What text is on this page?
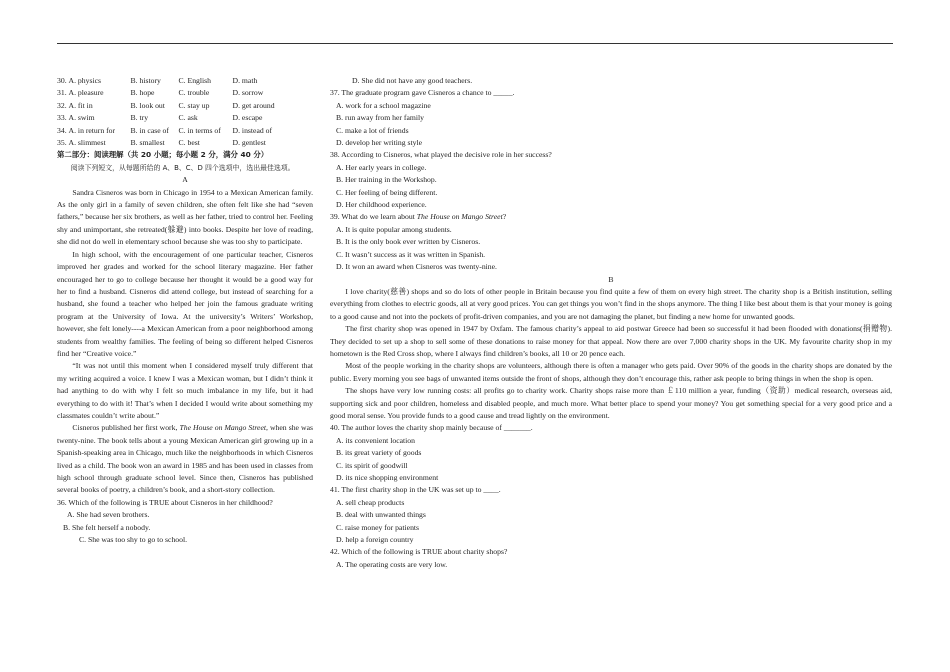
30. A. physics	B. history C. English	D. math
31. A. pleasure	B. hope	C. trouble	D. sorrow
32. A. fit in	B. look out C. stay up	D. get around
33. A. swim	B. try	C. ask	D. escape
34. A. in return for B. in case of C. in terms of D. instead of
35. A. slimmest	B. smallest C. best	D. gentlest
第二部分：阅读理解（共 20 小题；每小题 2 分，满分 40 分）
阅读下列短文，从每题所给的 A、B、C、D 四个选项中，选出最佳选项。
A
Sandra Cisneros was born in Chicago in 1954 to a Mexican American family. As the only girl in a family of seven children, she often felt like she had “seven fathers,” because her six brothers, as well as her father, tried to control her. Feeling shy and unimportant, she retreated(躲避) into books. Despite her love of reading, she did not do well in elementary school because she was too shy to participate.
In high school, with the encouragement of one particular teacher, Cisneros improved her grades and worked for the school literary magazine. Her father encouraged her to go to college because her thought it would be a good way for her to find a husband. Cisneros did attend college, but instead of searching for a husband, she found a teacher who helped her join the famous graduate writing program at the University of Iowa. At the university’s Writers’ Workshop, however, she felt lonely----a Mexican American from a poor neighborhood among students from wealthy families. The feeling of being so different helped Cisneros find her “Creative voice.”
“It was not until this moment when I considered myself truly different that my writing acquired a voice. I knew I was a Mexican woman, but I didn’t think it had anything to do with why I felt so much imbalance in my life, but it had everything to do with it! That’s when I decided I would write about something my classmates couldn’t write about.”
Cisneros published her first work, The House on Mango Street, when she was twenty-nine. The book tells about a young Mexican American girl growing up in a Spanish-speaking area in Chicago, much like the neighborhoods in which Cisneros lived as a child. The book won an award in 1985 and has been used in classes from high school through graduate school level. Since then, Cisneros has published several books of poetry, a children’s book, and a short-story collection.
36. Which of the following is TRUE about Cisneros in her childhood?
A. She had seven brothers.
B. She felt herself a nobody.
C. She was too shy to go to school.
D. She did not have any good teachers.
37. The graduate program gave Cisneros a chance to _____.
A. work for a school magazine
B. run away from her family
C. make a lot of friends
D. develop her writing style
38. According to Cisneros, what played the decisive role in her success?
A. Her early years in college.
B. Her training in the Workshop.
C. Her feeling of being different.
D. Her childhood experience.
39. What do we learn about The House on Mango Street?
A. It is quite popular among students.
B. It is the only book ever written by Cisneros.
C. It wasn’t success as it was written in Spanish.
D. It won an award when Cisneros was twenty-nine.
B
I love charity(慈善) shops and so do lots of other people in Britain because you find quite a few of them on every high street. The charity shop is a British institution, selling everything from clothes to electric goods, all at very good prices. You can get things you won’t find in the shops anymore. The thing I like best about them is that your money is going to a good cause and not into the pockets of profit-driven companies, and you are not damaging the planet, but finding a new home for unwanted goods.
The first charity shop was opened in 1947 by Oxfam. The famous charity’s appeal to aid postwar Greece had been so successful it had been flooded with donations(捐赠物). They decided to set up a shop to sell some of these donations to raise money for that appeal. Now there are over 7,000 charity shops in the UK. My favourite charity shop in my hometown is the Red Cross shop, where I always find children’s books, all 10 or 20 pence each.
Most of the people working in the charity shops are volunteers, although there is often a manager who gets paid. Over 90% of the goods in the charity shops are donated by the public. Every morning you see bags of unwanted items outside the front of shops, although they don’t encourage this, rather ask people to bring things in when the shop is open.
The shops have very low running costs: all profits go to charity work. Charity shops raise more than ￡110 million a year, funding（资助）medical research, overseas aid, supporting sick and poor children, homeless and disabled people, and much more. What better place to spend your money? You get something special for a very good price and a good moral sense. You provide funds to a good cause and tread lightly on the environment.
40. The author loves the charity shop mainly because of _______.
A. its convenient location
B. its great variety of goods
C. its spirit of goodwill
D. its nice shopping environment
41. The first charity shop in the UK was set up to ____.
A. sell cheap products
B. deal with unwanted things
C. raise money for patients
D. help a foreign country
42. Which of the following is TRUE about charity shops?
A. The operating costs are very low.
